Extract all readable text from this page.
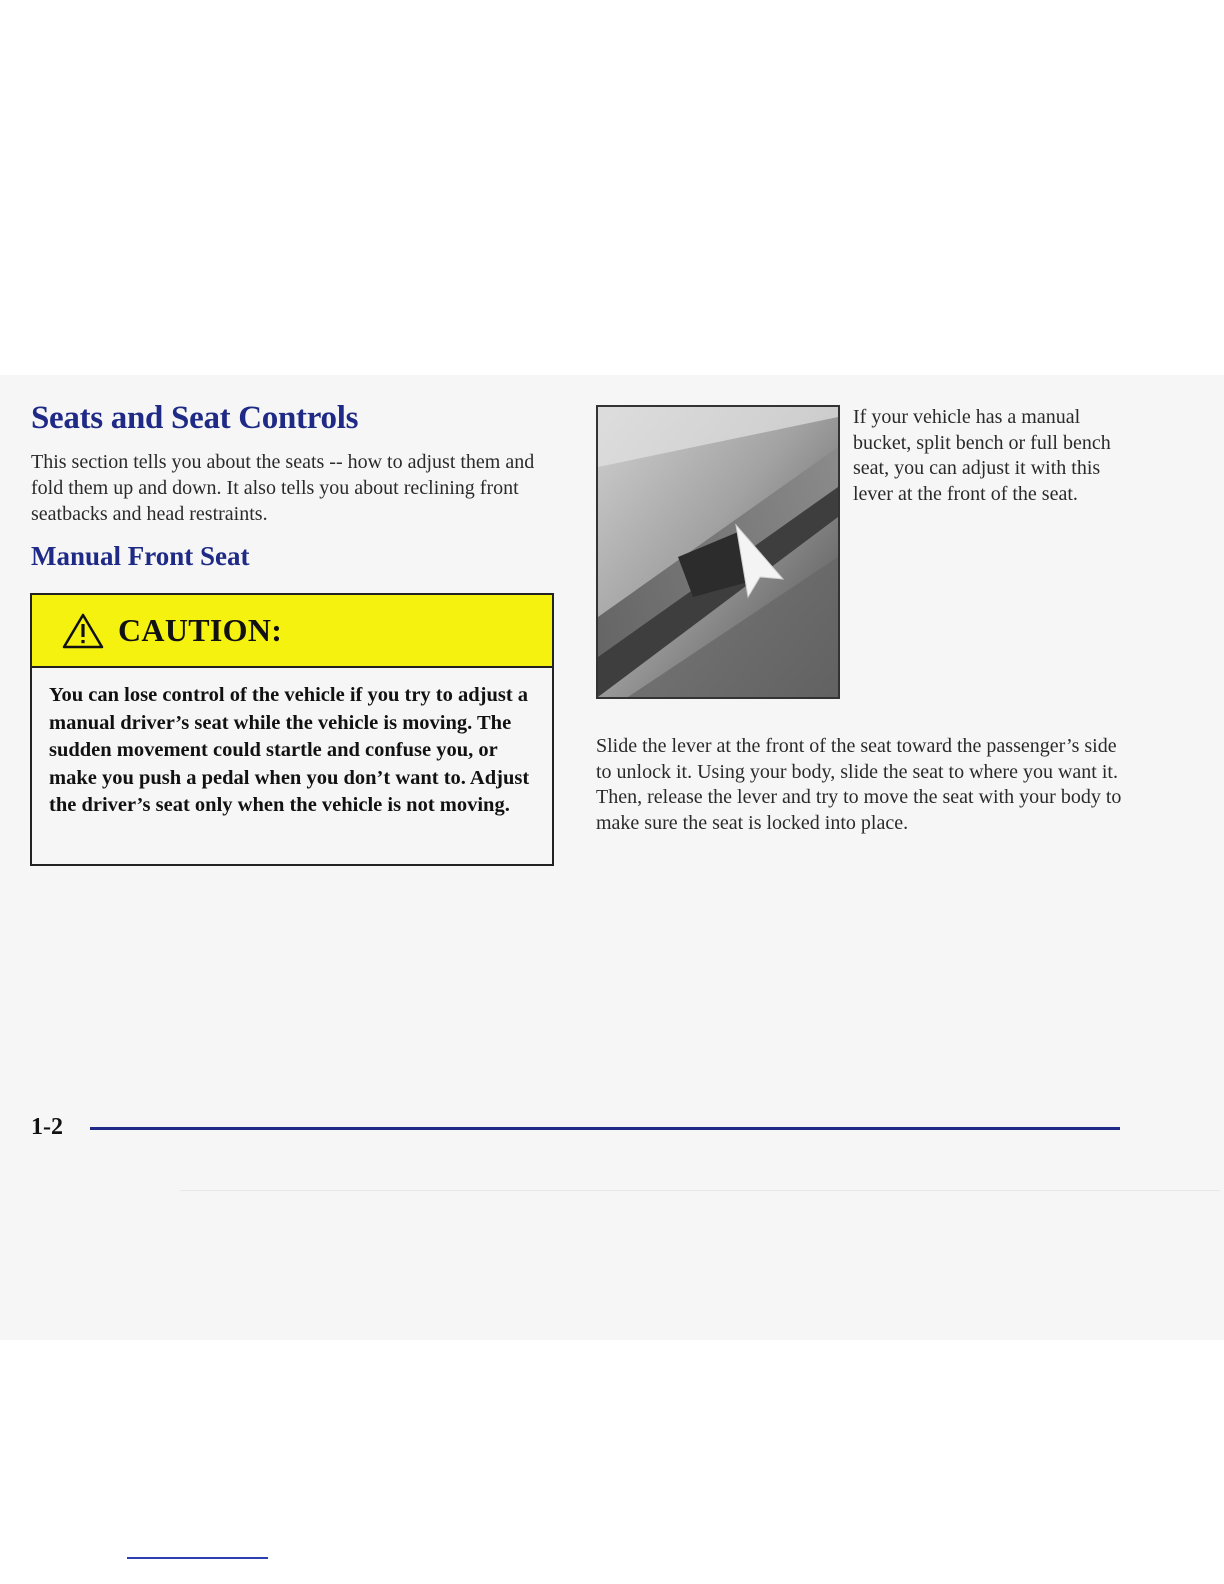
Seats and Seat Controls

This section tells you about the seats -- how to adjust them and fold them up and down. It also tells you about reclining front seatbacks and head restraints.

Manual Front Seat
CAUTION:

You can lose control of the vehicle if you try to adjust a manual driver’s seat while the vehicle is moving. The sudden movement could startle and confuse you, or make you push a pedal when you don’t want to. Adjust the driver’s seat only when the vehicle is not moving.

If your vehicle has a manual bucket, split bench or full bench seat, you can adjust it with this lever at the front of the seat.

Slide the lever at the front of the seat toward the passenger’s side to unlock it. Using your body, slide the seat to where you want it. Then, release the lever and try to move the seat with your body to make sure the seat is locked into place.

1-2
